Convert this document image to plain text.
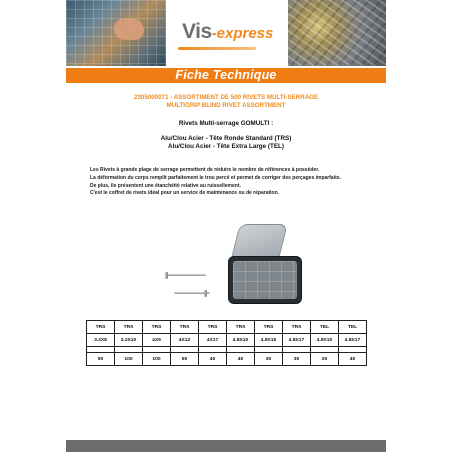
Vis-express
Fiche Technique
2305000071 - ASSORTIMENT DE 500 RIVETS MULTI-SERRAGE
MULTIGRIP BLIND RIVET ASSORTMENT
Rivets Multi-serrage GOMULTI :
Alu/Clou Acier - Tête Ronde Standard (TRS)
Alu/Clou Acier - Tête Extra Large (TEL)
Les Rivets à grande plage de serrage permettent de réduire le nombre de références à posséder.
La déformation du corps remplit parfaitement le trou percé et permet de corriger des perçages imparfaits.
De plus, ils présentent une étanchéité relative au ruissellement.
C'est le coffret de rivets idéal pour un service de maintenance ou de réparation.
TRS	TRS	TRS	TRS	TRS	TRS	TRS	TRS	TEL	TEL
3.2X8	3.2X10	4X9	4X12	4X17	4.8X10	4.8X15	4.8X17	4.8X10	4.8X17

50	100	100	50	40	40	30	30	20	40
